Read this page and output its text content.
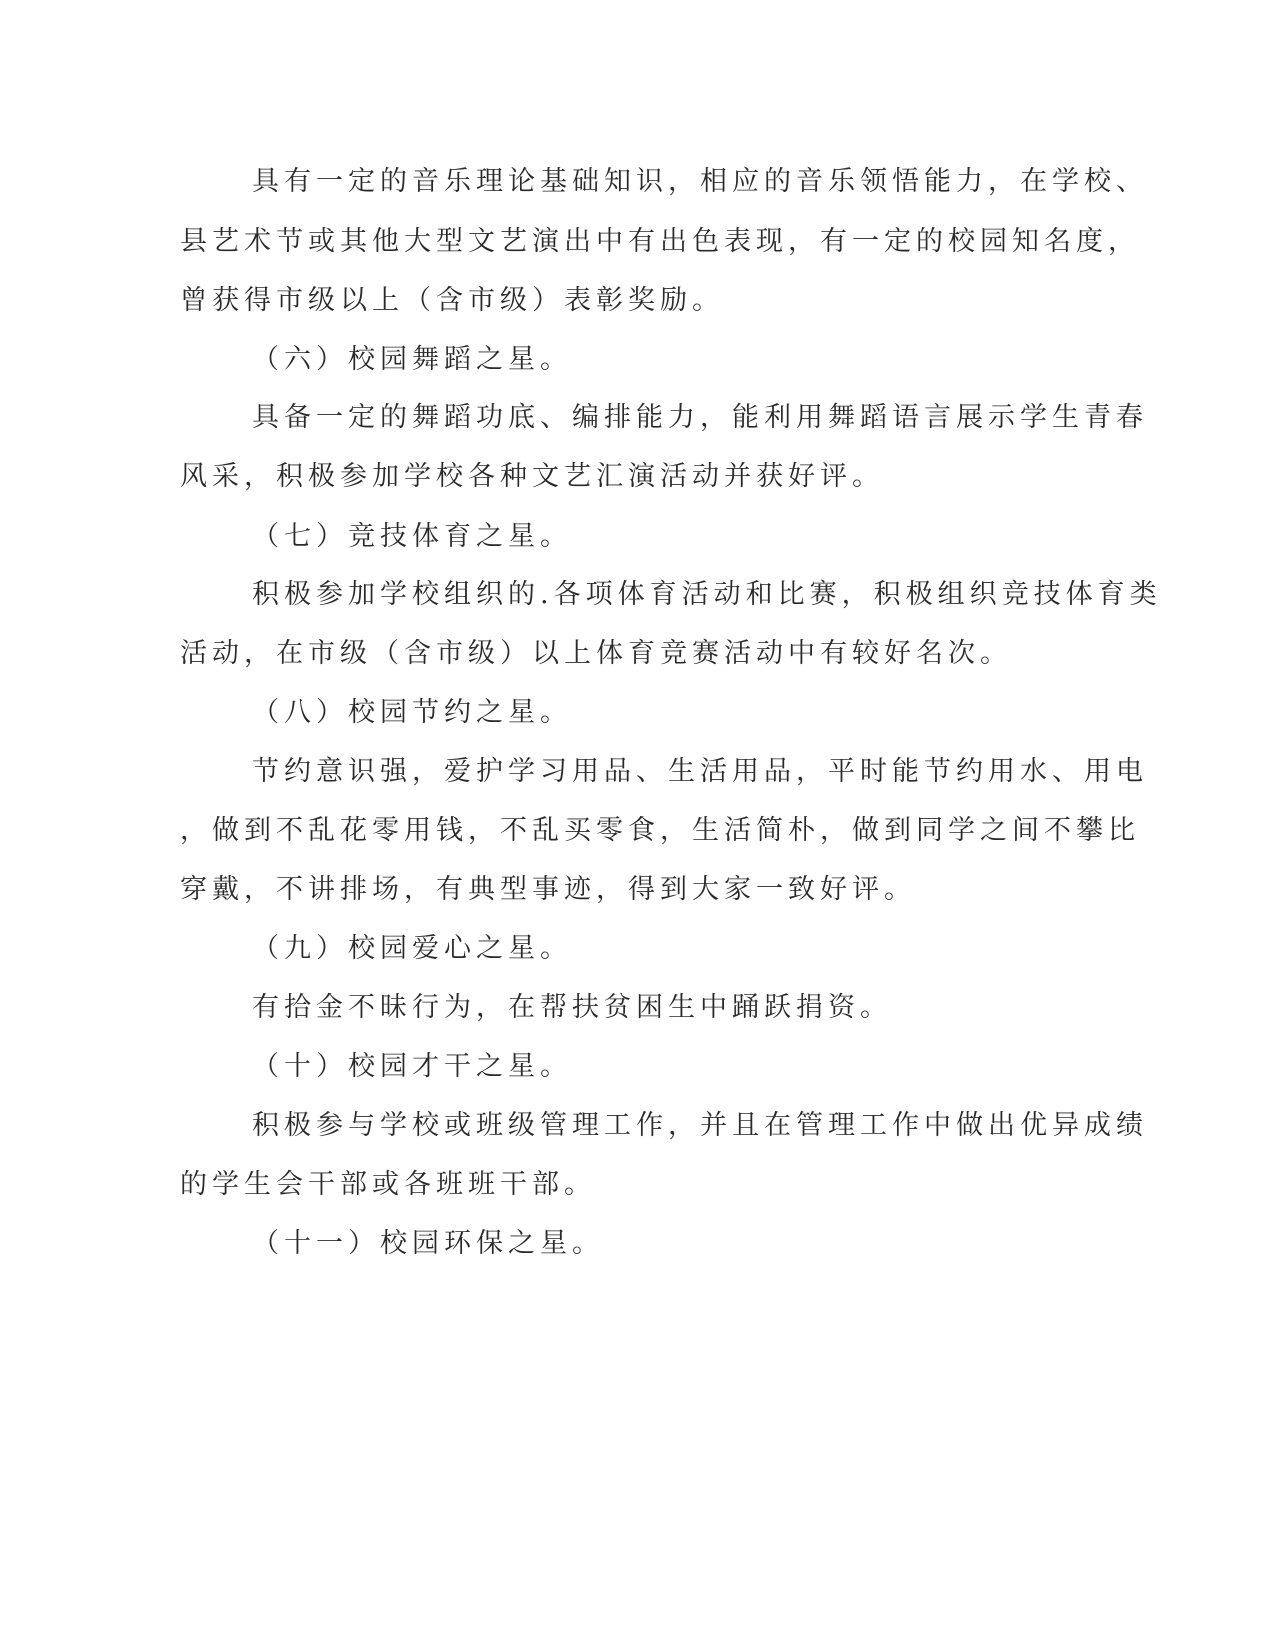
具有一定的音乐理论基础知识，相应的音乐领悟能力，在学校、
县艺术节或其他大型文艺演出中有出色表现，有一定的校园知名度，
曾获得市级以上（含市级）表彰奖励。
（六）校园舞蹈之星。
具备一定的舞蹈功底、编排能力，能利用舞蹈语言展示学生青春
风采，积极参加学校各种文艺汇演活动并获好评。
（七）竞技体育之星。
积极参加学校组织的.各项体育活动和比赛，积极组织竞技体育类
活动，在市级（含市级）以上体育竞赛活动中有较好名次。
（八）校园节约之星。
节约意识强，爱护学习用品、生活用品，平时能节约用水、用电
，做到不乱花零用钱，不乱买零食，生活简朴，做到同学之间不攀比
穿戴，不讲排场，有典型事迹，得到大家一致好评。
（九）校园爱心之星。
有拾金不昧行为，在帮扶贫困生中踊跃捐资。
（十）校园才干之星。
积极参与学校或班级管理工作，并且在管理工作中做出优异成绩
的学生会干部或各班班干部。
（十一）校园环保之星。
